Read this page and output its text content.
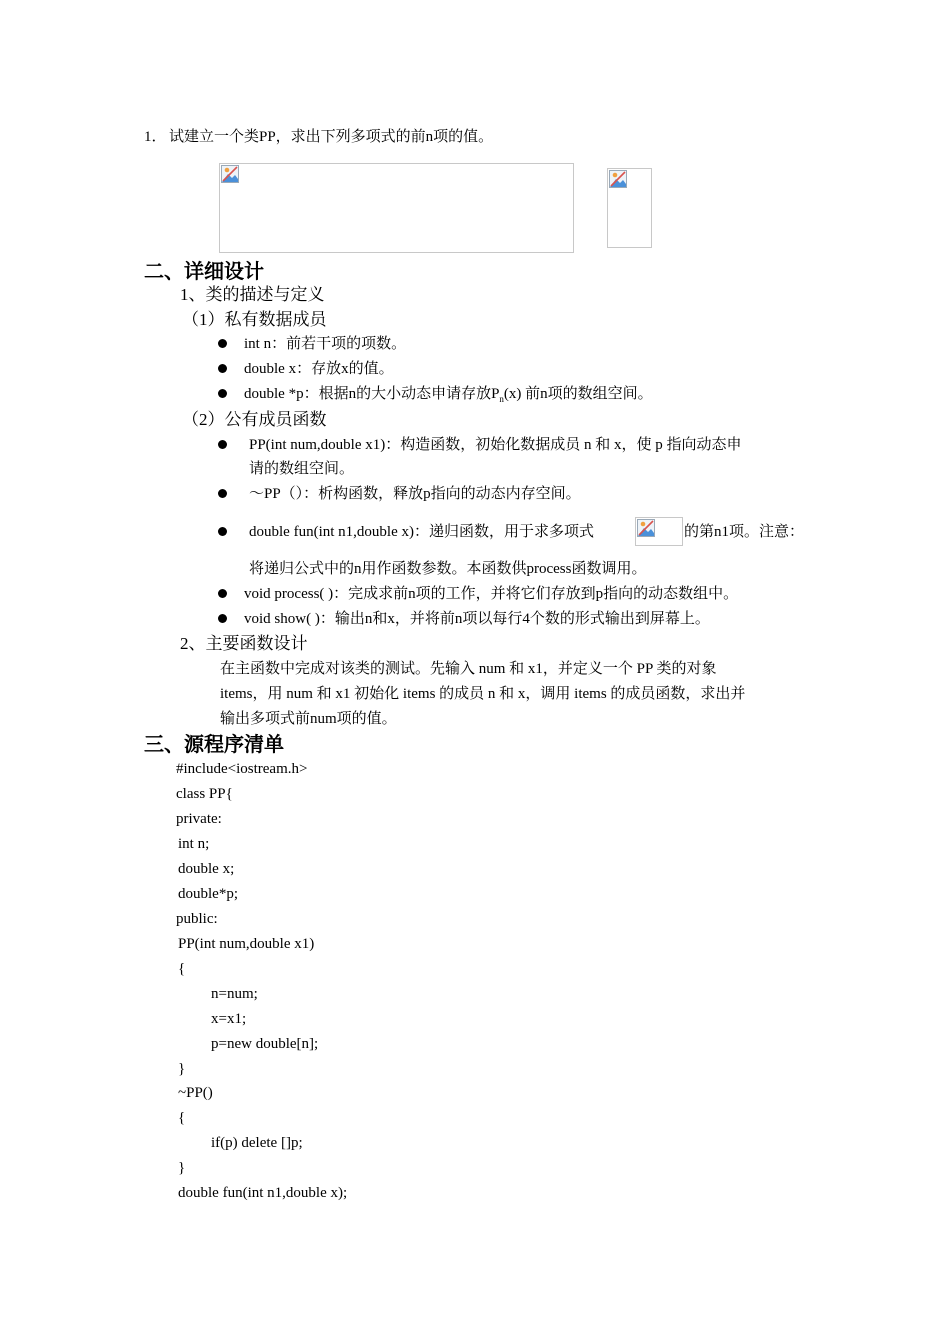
1． 试建立一个类PP，求出下列多项式的前n项的值。
二、详细设计
1、类的描述与定义
（1）私有数据成员
int n：前若干项的项数。
double x：存放x的值。
double *p：根据n的大小动态申请存放$P_n(x)$ 前n项的数组空间。
（2）公有成员函数
PP(int num,double x1)：构造函数，初始化数据成员 n 和 x，使 p 指向动态申
请的数组空间。
～PP（）：析构函数，释放p指向的动态内存空间。
double fun(int n1,double x)：递归函数，用于求多项式	的第n1项。注意：
将递归公式中的n用作函数参数。本函数供process函数调用。
void process( )：完成求前n项的工作，并将它们存放到p指向的动态数组中。
void show( )：输出n和x，并将前n项以每行4个数的形式输出到屏幕上。
2、主要函数设计
在主函数中完成对该类的测试。先输入 num 和 x1，并定义一个 PP 类的对象
items，用 num 和 x1 初始化 items 的成员 n 和 x，调用 items 的成员函数，求出并
输出多项式前num项的值。
三、源程序清单
#include<iostream.h>
class PP{
private:
int n;
double x;
double*p;
public:
PP(int num,double x1)
{
n=num;
x=x1;
p=new double[n];
}
~PP()
{
if(p) delete []p;
}
double fun(int n1,double x);
